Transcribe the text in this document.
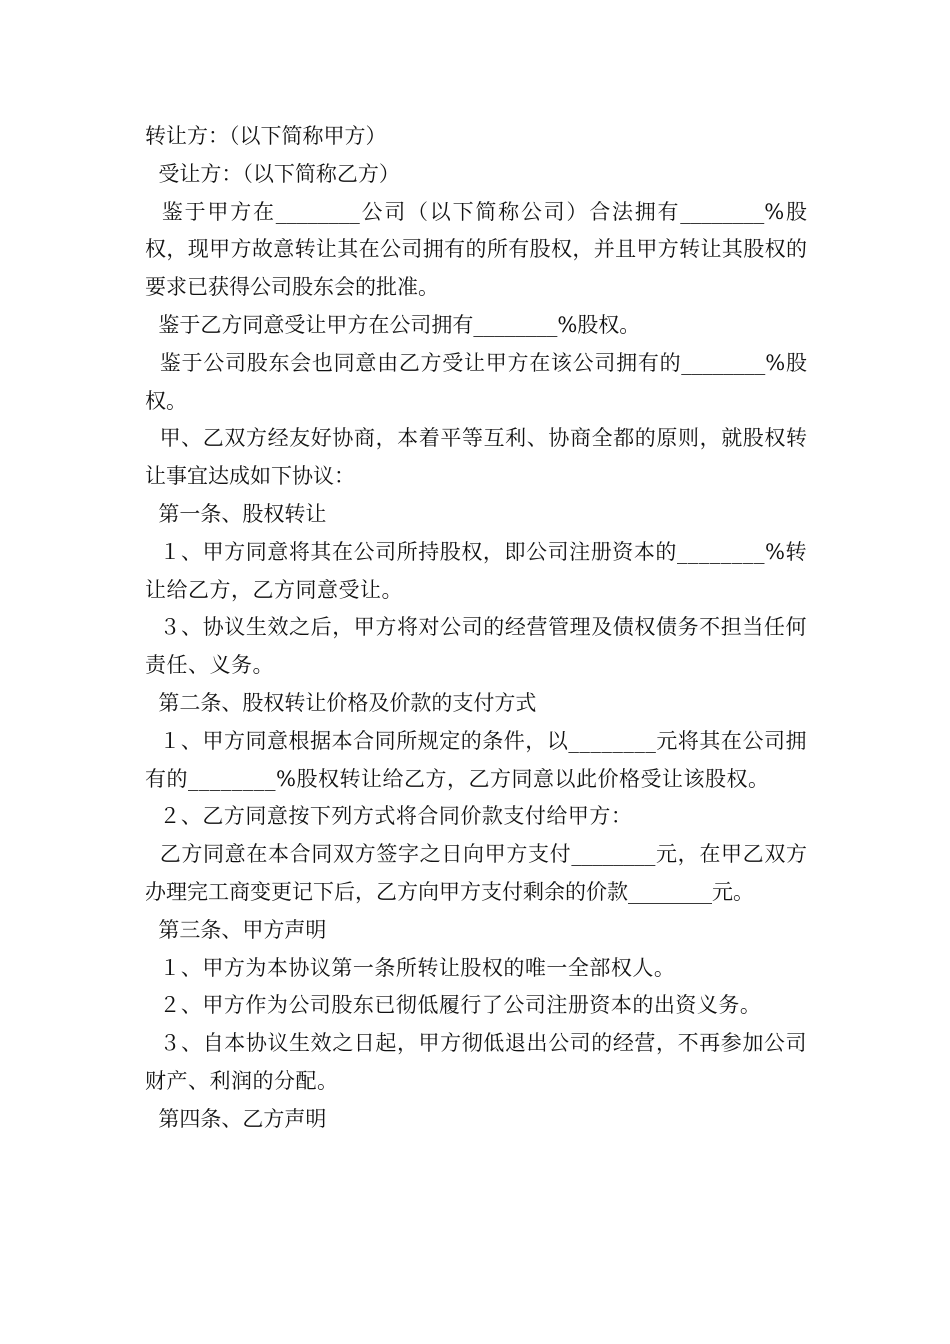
转让方：（以下简称甲方）

受让方：（以下简称乙方）

鉴于甲方在________公司（以下简称公司）合法拥有________%股权，现甲方故意转让其在公司拥有的所有股权，并且甲方转让其股权的要求已获得公司股东会的批准。

鉴于乙方同意受让甲方在公司拥有________%股权。

鉴于公司股东会也同意由乙方受让甲方在该公司拥有的________%股权。

甲、乙双方经友好协商，本着平等互利、协商全都的原则，就股权转让事宜达成如下协议：

第一条、股权转让

１、甲方同意将其在公司所持股权，即公司注册资本的________%转让给乙方，乙方同意受让。

３、协议生效之后，甲方将对公司的经营管理及债权债务不担当任何责任、义务。

第二条、股权转让价格及价款的支付方式

１、甲方同意根据本合同所规定的条件，以________元将其在公司拥有的________%股权转让给乙方，乙方同意以此价格受让该股权。

２、乙方同意按下列方式将合同价款支付给甲方：

乙方同意在本合同双方签字之日向甲方支付________元，在甲乙双方办理完工商变更记下后，乙方向甲方支付剩余的价款________元。

第三条、甲方声明

１、甲方为本协议第一条所转让股权的唯一全部权人。

２、甲方作为公司股东已彻低履行了公司注册资本的出资义务。

３、自本协议生效之日起，甲方彻低退出公司的经营，不再参加公司财产、利润的分配。

第四条、乙方声明
